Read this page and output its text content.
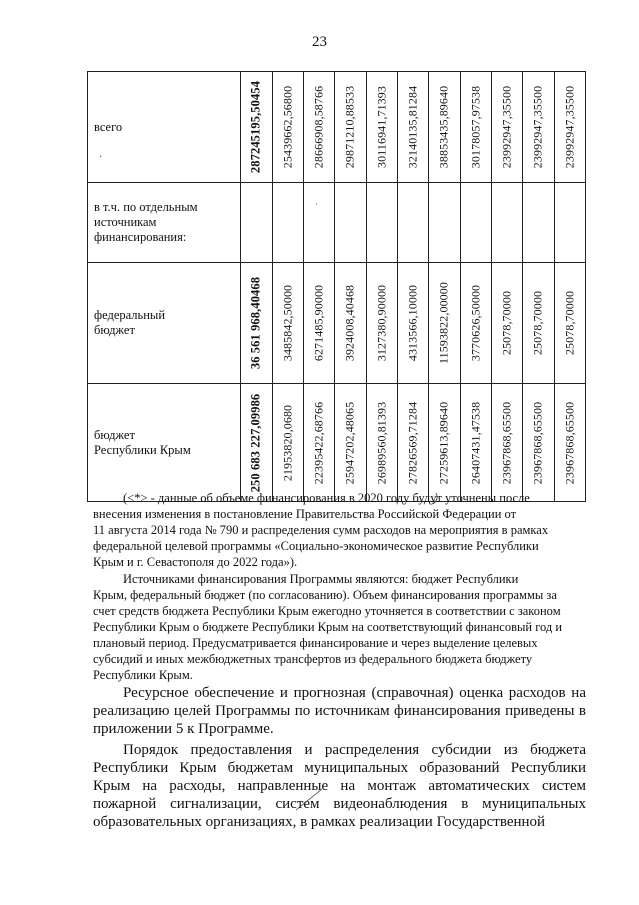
23
всего
·	287245195,50454	25439662,56800	28666908,58766	29871210,88533	30116941,71393	32140135,81284	38853435,89640	30178057,97538	23992947,35500	23992947,35500	23992947,35500

в т.ч. по отдельным
источникам
финансирования:			·								

федеральный
бюджет	36 561 968,40468	3485842,50000	6271485,90000	3924008,40468	3127380,90000	4313566,10000	11593822,00000	3770626,50000	25078,70000	25078,70000	25078,70000

бюджет
Республики Крым	250 683 227,09986	21953820,0680	22395422,68766	25947202,48065	26989560,81393	27826569,71284	27259613,89640	26407431,47538	23967868,65500	23967868,65500	23967868,65500
(<*> - данные об объеме финансирования в 2020 году будут уточнены после
внесения изменения в постановление Правительства Российской Федерации от
11 августа 2014 года № 790 и распределения сумм расходов на мероприятия в рамках
федеральной целевой программы «Социально-экономическое развитие Республики
Крым и г. Севастополя до 2022 года»).
Источниками финансирования Программы являются: бюджет Республики
Крым, федеральный бюджет (по согласованию). Объем финансирования программы за
счет средств бюджета Республики Крым ежегодно уточняется в соответствии с законом
Республики Крым о бюджете Республики Крым на соответствующий финансовый год и
плановый период. Предусматривается финансирование и через выделение целевых
субсидий и иных межбюджетных трансфертов из федерального бюджета бюджету
Республики Крым.
Ресурсное обеспечение и прогнозная (справочная) оценка расходов на реализацию целей Программы по источникам финансирования приведены в приложении 5 к Программе.
Порядок предоставления и распределения субсидии из бюджета Республики Крым бюджетам муниципальных образований Республики Крым на расходы, направленные на монтаж автоматических систем пожарной сигнализации, систем видеонаблюдения в муниципальных образовательных организациях, в рамках реализации Государственной
